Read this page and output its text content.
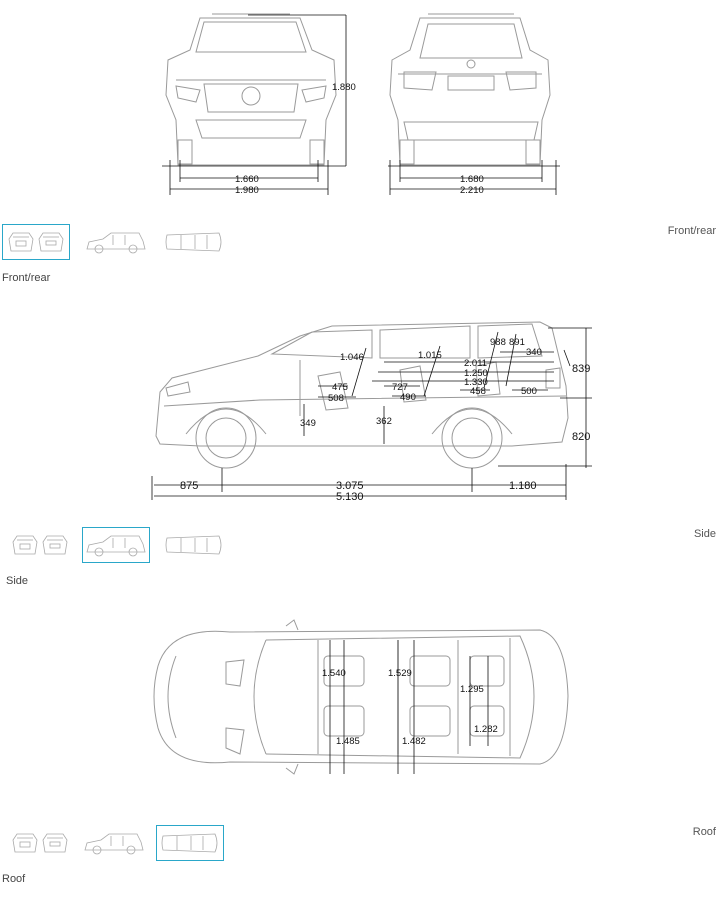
1.880
1.660
1.980
1.680
2.210
Front/rear
Front/rear
1.046	1.015
988 891
340
2.011
1.250
1.330
458	500
475
508
727
490
349	362
839
820
875	3.075	1.180
5.130
Side
Side
1.540
1.485
1.529
1.482
1.295
1.282
Roof
Roof
